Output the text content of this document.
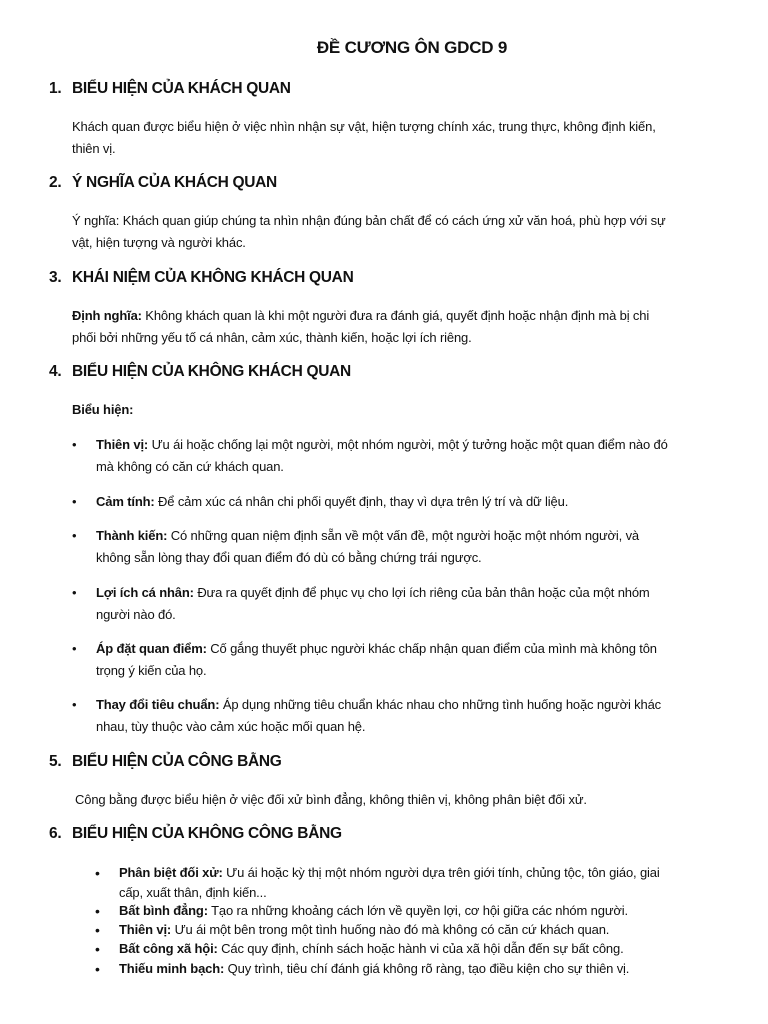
ĐỀ CƯƠNG ÔN GDCD 9
1. BIỂU HIỆN CỦA KHÁCH QUAN
Khách quan được biểu hiện ở việc nhìn nhận sự vật, hiện tượng chính xác, trung thực, không định kiến,
thiên vị.
2. Ý NGHĨA CỦA KHÁCH QUAN
Ý nghĩa: Khách quan giúp chúng ta nhìn nhận đúng bản chất để có cách ứng xử văn hoá, phù hợp với sự
vật, hiện tượng và người khác.
3. KHÁI NIỆM CỦA KHÔNG KHÁCH QUAN
Định nghĩa: Không khách quan là khi một người đưa ra đánh giá, quyết định hoặc nhận định mà bị chi
phối bởi những yếu tố cá nhân, cảm xúc, thành kiến, hoặc lợi ích riêng.
4. BIỂU HIỆN CỦA KHÔNG KHÁCH QUAN
Biểu hiện:
• Thiên vị: Ưu ái hoặc chống lại một người, một nhóm người, một ý tưởng hoặc một quan điểm nào đó
mà không có căn cứ khách quan.
• Cảm tính: Để cảm xúc cá nhân chi phối quyết định, thay vì dựa trên lý trí và dữ liệu.
• Thành kiến: Có những quan niệm định sẵn về một vấn đề, một người hoặc một nhóm người, và
không sẵn lòng thay đổi quan điểm đó dù có bằng chứng trái ngược.
• Lợi ích cá nhân: Đưa ra quyết định để phục vụ cho lợi ích riêng của bản thân hoặc của một nhóm
người nào đó.
• Áp đặt quan điểm: Cố gắng thuyết phục người khác chấp nhận quan điểm của mình mà không tôn
trọng ý kiến của họ.
• Thay đổi tiêu chuẩn: Áp dụng những tiêu chuẩn khác nhau cho những tình huống hoặc người khác
nhau, tùy thuộc vào cảm xúc hoặc mối quan hệ.
5. BIỂU HIỆN CỦA CÔNG BẰNG
Công bằng được biểu hiện ở việc đối xử bình đẳng, không thiên vị, không phân biệt đối xử.
6. BIỂU HIỆN CỦA KHÔNG CÔNG BẰNG
• Phân biệt đối xử: Ưu ái hoặc kỳ thị một nhóm người dựa trên giới tính, chủng tộc, tôn giáo, giai
cấp, xuất thân, định kiến...
• Bất bình đẳng: Tạo ra những khoảng cách lớn về quyền lợi, cơ hội giữa các nhóm người.
• Thiên vị: Ưu ái một bên trong một tình huống nào đó mà không có căn cứ khách quan.
• Bất công xã hội: Các quy định, chính sách hoặc hành vi của xã hội dẫn đến sự bất công.
• Thiếu minh bạch: Quy trình, tiêu chí đánh giá không rõ ràng, tạo điều kiện cho sự thiên vị.
